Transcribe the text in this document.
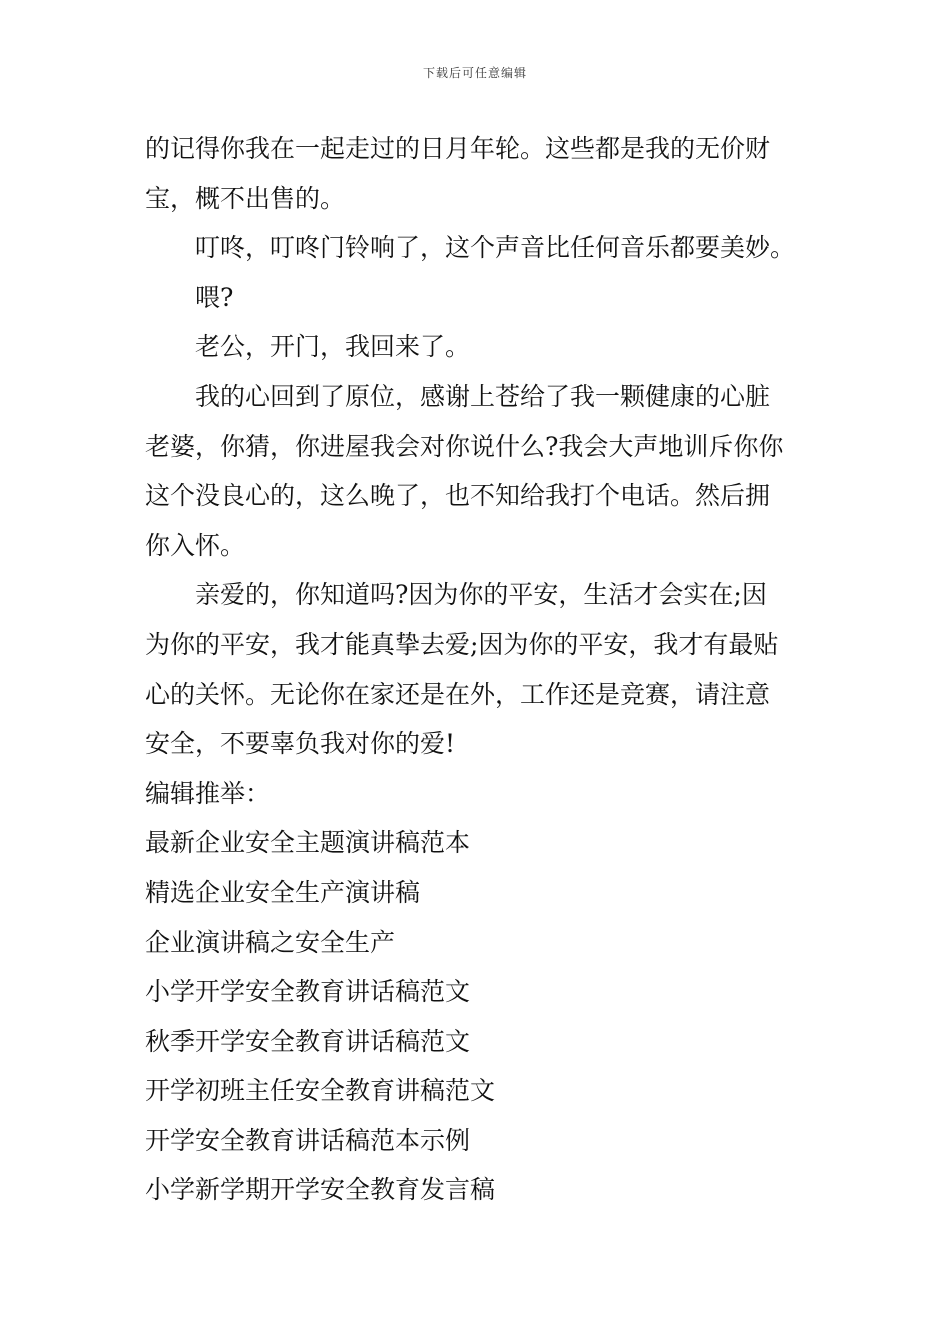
下载后可任意编辑
的记得你我在一起走过的日月年轮。这些都是我的无价财
宝，概不出售的。
叮咚，叮咚门铃响了，这个声音比任何音乐都要美妙。
喂?
老公，开门，我回来了。
我的心回到了原位，感谢上苍给了我一颗健康的心脏
老婆，你猜，你进屋我会对你说什么?我会大声地训斥你你
这个没良心的，这么晚了，也不知给我打个电话。然后拥
你入怀。
亲爱的，你知道吗?因为你的平安，生活才会实在;因
为你的平安，我才能真挚去爱;因为你的平安，我才有最贴
心的关怀。无论你在家还是在外，工作还是竞赛，请注意
安全，不要辜负我对你的爱!
编辑推举：
最新企业安全主题演讲稿范本
精选企业安全生产演讲稿
企业演讲稿之安全生产
小学开学安全教育讲话稿范文
秋季开学安全教育讲话稿范文
开学初班主任安全教育讲稿范文
开学安全教育讲话稿范本示例
小学新学期开学安全教育发言稿
